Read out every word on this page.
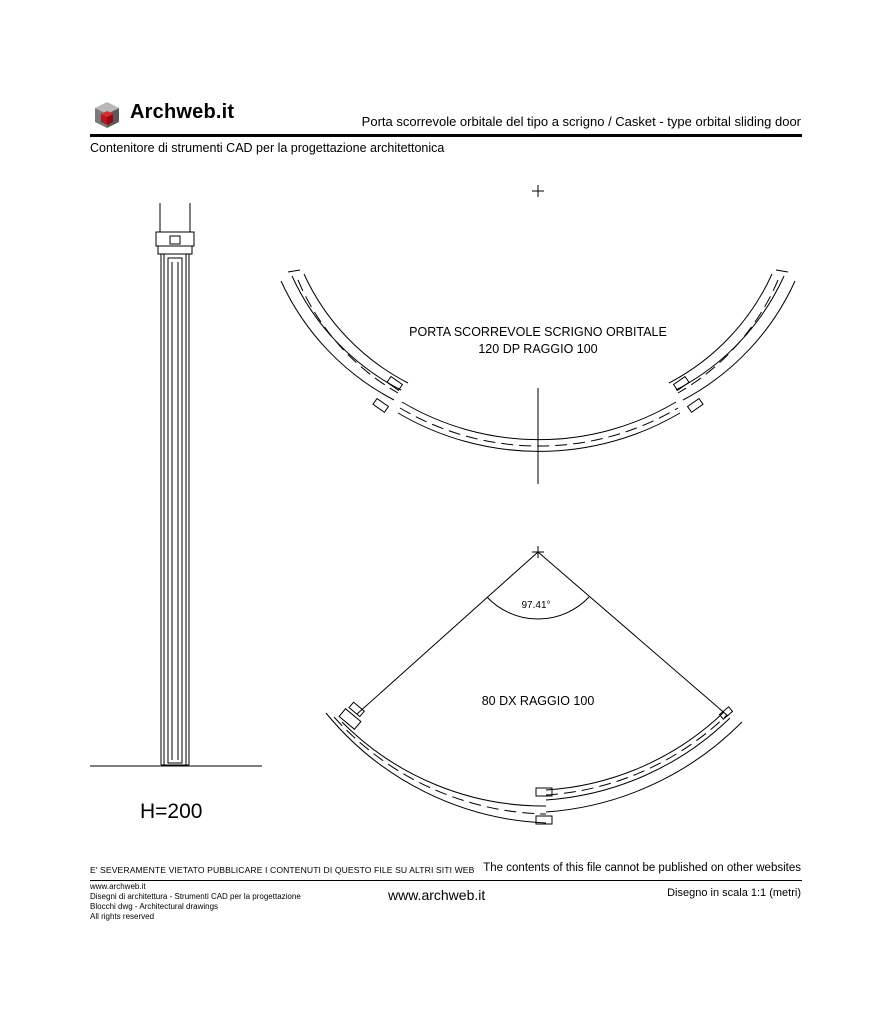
Archweb.it	Porta scorrevole orbitale del tipo a scrigno / Casket - type orbital sliding door
Contenitore di strumenti CAD per la progettazione architettonica
PORTA SCORREVOLE SCRIGNO ORBITALE
120 DP RAGGIO 100
97.41°
80 DX RAGGIO 100
H=200
E' SEVERAMENTE VIETATO PUBBLICARE I CONTENUTI DI QUESTO FILE SU ALTRI SITI WEB The contents of this file cannot be published on other websites
www.archweb.it
Disegni di architettura - Strumenti CAD per la progettazione
Blocchi dwg - Architectural drawings
All rights reserved
www.archweb.it	Disegno in scala 1:1 (metri)
